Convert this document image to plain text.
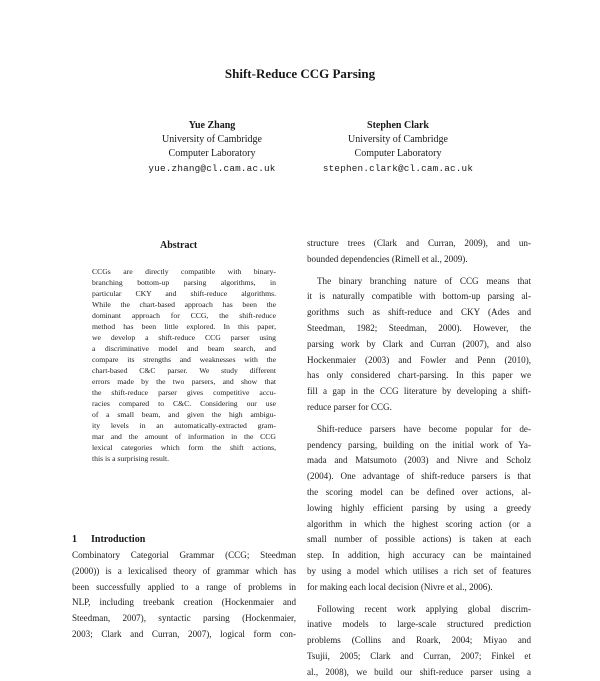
Shift-Reduce CCG Parsing
Yue Zhang
University of Cambridge
Computer Laboratory
yue.zhang@cl.cam.ac.uk
Stephen Clark
University of Cambridge
Computer Laboratory
stephen.clark@cl.cam.ac.uk
Abstract
CCGs are directly compatible with binary-
branching bottom-up parsing algorithms, in
particular CKY and shift-reduce algorithms.
While the chart-based approach has been the
dominant approach for CCG, the shift-reduce
method has been little explored. In this paper,
we develop a shift-reduce CCG parser using
a discriminative model and beam search, and
compare its strengths and weaknesses with the
chart-based C&C parser. We study different
errors made by the two parsers, and show that
the shift-reduce parser gives competitive accu-
racies compared to C&C. Considering our use
of a small beam, and given the high ambigu-
ity levels in an automatically-extracted gram-
mar and the amount of information in the CCG
lexical categories which form the shift actions,
this is a surprising result.
1 Introduction
Combinatory Categorial Grammar (CCG; Steedman
(2000)) is a lexicalised theory of grammar which has
been successfully applied to a range of problems in
NLP, including treebank creation (Hockenmaier and
Steedman, 2007), syntactic parsing (Hockenmaier,
2003; Clark and Curran, 2007), logical form con-
structure trees (Clark and Curran, 2009), and un-
bounded dependencies (Rimell et al., 2009).
The binary branching nature of CCG means that
it is naturally compatible with bottom-up parsing al-
gorithms such as shift-reduce and CKY (Ades and
Steedman, 1982; Steedman, 2000). However, the
parsing work by Clark and Curran (2007), and also
Hockenmaier (2003) and Fowler and Penn (2010),
has only considered chart-parsing. In this paper we
fill a gap in the CCG literature by developing a shift-
reduce parser for CCG.
Shift-reduce parsers have become popular for de-
pendency parsing, building on the initial work of Ya-
mada and Matsumoto (2003) and Nivre and Scholz
(2004). One advantage of shift-reduce parsers is that
the scoring model can be defined over actions, al-
lowing highly efficient parsing by using a greedy
algorithm in which the highest scoring action (or a
small number of possible actions) is taken at each
step. In addition, high accuracy can be maintained
by using a model which utilises a rich set of features
for making each local decision (Nivre et al., 2006).
Following recent work applying global discrim-
inative models to large-scale structured prediction
problems (Collins and Roark, 2004; Miyao and
Tsujii, 2005; Clark and Curran, 2007; Finkel et
al., 2008), we build our shift-reduce parser using a
